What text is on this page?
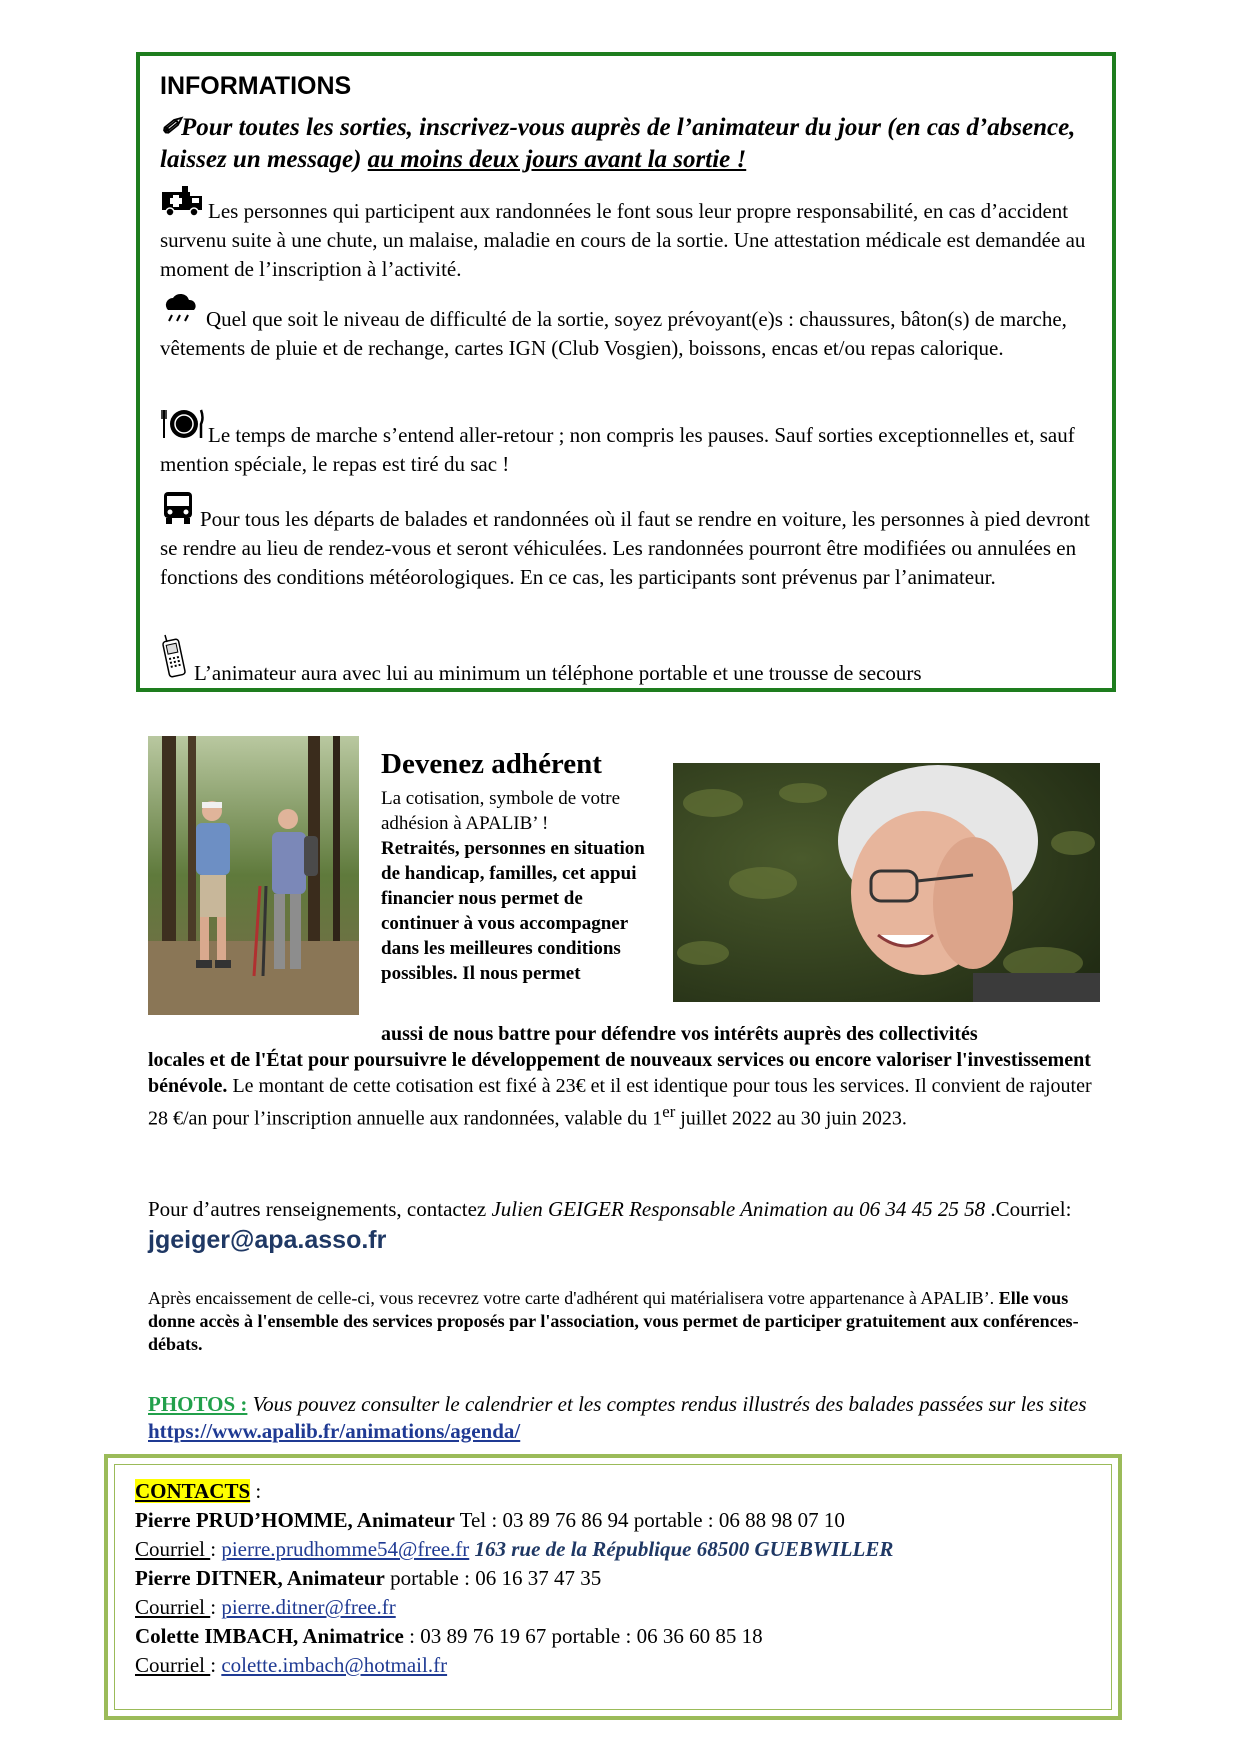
INFORMATIONS
✐Pour toutes les sorties, inscrivez-vous auprès de l’animateur du jour (en cas d’absence, laissez un message) au moins deux jours avant la sortie !
Les personnes qui participent aux randonnées le font sous leur propre responsabilité, en cas d’accident survenu suite à une chute, un malaise, maladie en cours de la sortie. Une attestation médicale est demandée au moment de l’inscription à l’activité.
Quel que soit le niveau de difficulté de la sortie, soyez prévoyant(e)s : chaussures, bâton(s) de marche, vêtements de pluie et de rechange, cartes IGN (Club Vosgien), boissons, encas et/ou repas calorique.
Le temps de marche s’entend aller-retour ; non compris les pauses. Sauf sorties exceptionnelles et, sauf mention spéciale, le repas est tiré du sac !
Pour tous les départs de balades et randonnées où il faut se rendre en voiture, les personnes à pied devront se rendre au lieu de rendez-vous et seront véhiculées. Les randonnées pourront être modifiées ou annulées en fonctions des conditions météorologiques. En ce cas, les participants sont prévenus par l’animateur.
L’animateur aura avec lui au minimum un téléphone portable et une trousse de secours
Devenez adhérent
La cotisation, symbole de votre adhésion à APALIB’ !
Retraités, personnes en situation de handicap, familles, cet appui financier nous permet de continuer à vous accompagner dans les meilleures conditions possibles. Il nous permet
aussi de nous battre pour défendre vos intérêts auprès des collectivités
locales et de l'État pour poursuivre le développement de nouveaux services ou encore valoriser l'investissement bénévole. Le montant de cette cotisation est fixé à 23€ et il est identique pour tous les services. Il convient de rajouter 28 €/an pour l’inscription annuelle aux randonnées, valable du 1er juillet 2022 au 30 juin 2023.
Pour d’autres renseignements, contactez Julien GEIGER Responsable Animation au 06 34 45 25 58 .Courriel: jgeiger@apa.asso.fr
Après encaissement de celle-ci, vous recevrez votre carte d'adhérent qui matérialisera votre appartenance à APALIB’. Elle vous donne accès à l'ensemble des services proposés par l'association, vous permet de participer gratuitement aux conférences-débats.
PHOTOS : Vous pouvez consulter le calendrier et les comptes rendus illustrés des balades passées sur les sites https://www.apalib.fr/animations/agenda/
CONTACTS :
Pierre PRUD’HOMME, Animateur Tel : 03 89 76 86 94 portable : 06 88 98 07 10
Courriel : pierre.prudhomme54@free.fr 163 rue de la République 68500 GUEBWILLER
Pierre DITNER, Animateur portable : 06 16 37 47 35
Courriel : pierre.ditner@free.fr
Colette IMBACH, Animatrice : 03 89 76 19 67 portable : 06 36 60 85 18
Courriel : colette.imbach@hotmail.fr
